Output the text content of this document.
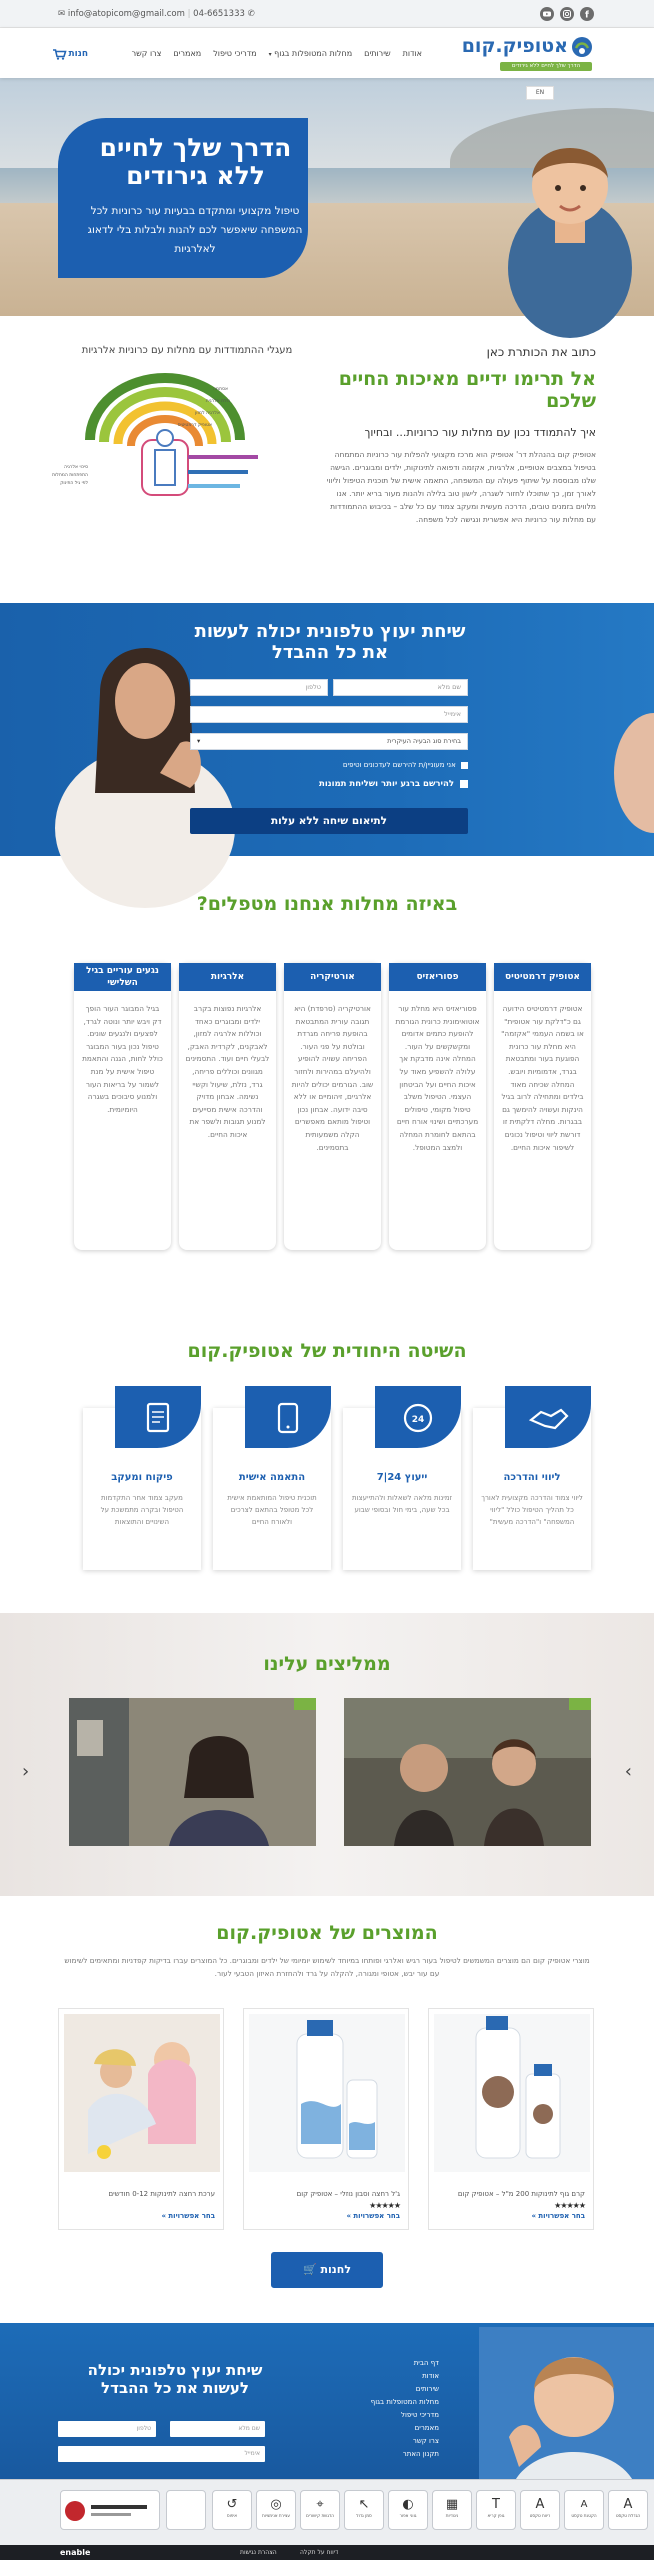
f
✉ info@atopicom@gmail.com | 04-6651333 ✆
אטופיק.קום
הדרך שלך לחיים ללא גירודים
אודות
שירותים
מחלות המטופלות בגוף ▾
מדריכי טיפול
מאמרים
צרו קשר
חנות
EN
הדרך שלך לחיים ללא גירודים
טיפול מקצועי ומתקדם בבעיות עור כרוניות לכל המשפחה שיאפשר לכם להנות ולבלות בלי לדאוג לאלרגיות
כתוב את הכותרת כאן
אל תרימו ידיים מאיכות החיים שלכם
איך להתמודד נכון עם מחלות עור כרוניות... ובחיוך
אטופיק קום בהנהלת דר' אטופיק הוא מרכז מקצועי להפלות עור כרוניות המתמחה בטיפול במצבים אטופיים, אלרגיות, אקזמה ודפואה לתינוקות, ילדים ומבוגרים. הגישה שלנו מבוססת על שיתוף פעולה עם המשפחה, התאמה אישית של תוכנית הטיפול וליווי לאורך זמן, כך שתוכלו לחזור לשגרה, לישון טוב בלילה ולהנות מעור בריא יותר. אנו מלווים בזמנים טובים, הדרכה מעשית ומעקב צמוד עם כל שלב – בכיבוש ההתמודדות עם מחלות עור כרוניות היא אפשרית ונגישה לכל משפחה.
מעגלי ההתמודדות עם מחלות עם כרוניות אלרגיות
אסתמה
נזלת אלרגית
אלרגיה למזון
אטופיק דרמטיטיס
סיכוי אלרגיה
התפתחות המחלות
לפי גיל התינוק
שיחת יעוץ טלפונית יכולה לעשות את כל ההבדל
שם מלא
טלפון
אימייל
בחירת סוג הבעיה העיקרית
▾
אני מעוניין/ת להירשם לעדכונים וטיפים
להירשם ברגע יותר ושליחת תמונות
לתיאום שיחה ללא עלות
באיזה מחלות אנחנו מטפלים?
אטופיק דרמטיטיס
אטופיק דרמטיטיס הידועה גם כ"דלקת עור אטופית" או בשמה העממי "אקזמה" היא מחלת עור כרונית הפוגעת בעור ומתבטאת בגרד, אדמומיות ויובש. המחלה שכיחה מאוד בילדים ומתחילה לרוב בגיל הינקות ועשויה להימשך גם בבגרות. מחלה דלקתית זו דורשת ליווי וטיפול נכונים לשיפור איכות החיים.
פסוריאזיס
פסוריאזיס היא מחלת עור אוטואימונית כרונית הגורמת להופעת כתמים אדומים ומקשקשים על העור. המחלה אינה מדבקת אך עלולה להשפיע מאוד על איכות החיים ועל הביטחון העצמי. הטיפול משלב טיפול מקומי, טיפולים מערכתיים ושינוי אורח חיים בהתאם לחומרת המחלה ולמצב המטופל.
אורטיקריה
אורטיקריה (סרפדת) היא תגובה עורית המתבטאת בהופעת פריחה מגרדת ובולטת על פני העור. הפריחה עשויה להופיע ולהיעלם במהירות ולחזור שוב. הגורמים יכולים להיות אלרגיים, זיהומיים או ללא סיבה ידועה. אבחון נכון וטיפול מותאם מאפשרים הקלה משמעותית בתסמינים.
אלרגיות
אלרגיות נפוצות בקרב ילדים ומבוגרים כאחד וכוללות אלרגיה למזון, לאבקנים, לקרדית האבק, לבעלי חיים ועוד. התסמינים מגוונים וכוללים פריחה, גרד, נזלת, שיעול וקשיי נשימה. אבחון מדויק והדרכה אישית מסייעים למנוע תגובות ולשפר את איכות החיים.
נגעים עוריים בגיל השלישי
בגיל המבוגר העור הופך דק ויבש יותר ונוטה לגרד, לפצעים ולנגעים שונים. טיפול נכון בעור המבוגר כולל לחות, הגנה והתאמת טיפול אישית על מנת לשמור על בריאות העור ולמנוע סיבוכים בשגרה היומיומית.
השיטה היחודית של אטופיק.קום
ליווי והדרכה
ליווי צמוד והדרכה מקצועית לאורך כל תהליך הטיפול כולל "ליווי המשפחה" ו"הדרכה מעשית"
24
ייעוץ 24|7
זמינות מלאה לשאלות ולהתייעצות בכל שעה, בימי חול ובסופי שבוע
התאמה אישית
תוכנית טיפול המותאמת אישית לכל מטופל בהתאם לצרכים ולאורח החיים
פיקוח ומעקב
מעקב צמוד אחר התקדמות הטיפול ובקרה מתמשכת על השינויים והתוצאות
ממליצים עלינו
›
‹
המוצרים של אטופיק.קום
מוצרי אטופיק קום הם מוצרים המשמשים לטיפול בעור רגיש ואלרגי ופותחו במיוחד לשימוש יומיומי של ילדים ומבוגרים. כל המוצרים עברו בדיקות קפדניות ומתאימים לשימוש עם עור יבש, אטופי ומגורה, להקלה על גרד ולהחזרת האיזון הטבעי לעור.
קרם גוף לתינוקות 200 מ"ל – אטופיק קום
★★★★★
בחר אפשרויות »
ג'ל רחצה וסבון נוזלי – אטופיק קום
★★★★★
בחר אפשרויות »
ערכת רחצה לתינוקות 0-12 חודשים
בחר אפשרויות »
לחנות 🛒
דף הבית
אודות
שירותים
מחלות המטופלות בגוף
מדריכי טיפול
מאמרים
צרו קשר
תקנון האתר
שיחת יעוץ טלפונית יכולה לעשות את כל ההבדל
שם מלא
טלפון
אימייל
A
הגדלת טקסט
A
הקטנת טקסט
A
ריווח טקסט
T
גופן קריא
▦
ניגודיות
◐
גווני אפור
↖
סמן גדול
⌖
הדגשת קישורים
◎
עצירת אנימציות
↺
איפוס
enable	הצהרת נגישות	דיווח על תקלה
